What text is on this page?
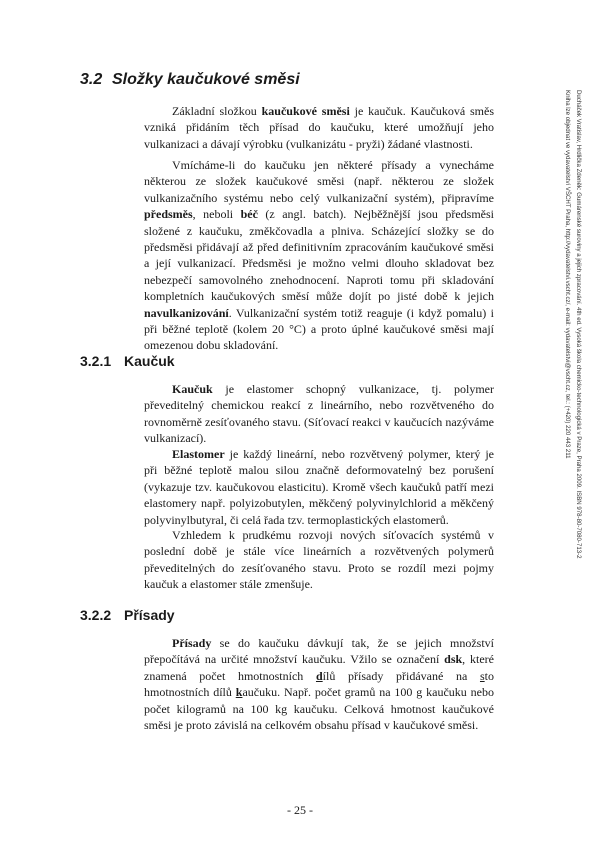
3.2 Složky kaučukové směsi

Základní složkou kaučukové směsi je kaučuk. Kaučuková směs vzniká přidáním těch přísad do kaučuku, které umožňují jeho vulkanizaci a dávají výrobku (vulkanizátu - pryži) žádané vlastnosti.

Vmícháme-li do kaučuku jen některé přísady a vynecháme některou ze složek kaučukové směsi (např. některou ze složek vulkanizačního systému nebo celý vulkanizační systém), připravíme předsměs, neboli béč (z angl. batch). Nejběžnější jsou předsměsi složené z kaučuku, změkčovadla a plniva. Scházející složky se do předsměsi přidávají až před definitivním zpracováním kaučukové směsi a její vulkanizací. Předsměsi je možno velmi dlouho skladovat bez nebezpečí samovolného znehodnocení. Naproti tomu při skladování kompletních kaučukových směsí může dojít po jisté době k jejich navulkanizování. Vulkanizační systém totiž reaguje (i když pomalu) i při běžné teplotě (kolem 20 °C) a proto úplné kaučukové směsi mají omezenou dobu skladování.

3.2.1 Kaučuk

Kaučuk je elastomer schopný vulkanizace, tj. polymer převeditelný chemickou reakcí z lineárního, nebo rozvětveného do rovnoměrně zesíťovaného stavu. (Síťovací reakci v kaučucích nazýváme vulkanizací).

Elastomer je každý lineární, nebo rozvětvený polymer, který je při běžné teplotě malou silou značně deformovatelný bez porušení (vykazuje tzv. kaučukovou elasticitu). Kromě všech kaučuků patří mezi elastomery např. polyizobutylen, měkčený polyvinylchlorid a měkčený polyvinylbutyral, či celá řada tzv. termoplastických elastomerů.

Vzhledem k prudkému rozvoji nových síťovacích systémů v poslední době je stále více lineárních a rozvětvených polymerů převeditelných do zesíťovaného stavu. Proto se rozdíl mezi pojmy kaučuk a elastomer stále zmenšuje.

3.2.2 Přísady

Přísady se do kaučuku dávkují tak, že se jejich množství přepočítává na určité množství kaučuku. Vžilo se označení dsk, které znamená počet hmotnostních dílů přísady přidávané na sto hmotnostních dílů kaučuku. Např. počet gramů na 100 g kaučuku nebo počet kilogramů na 100 kg kaučuku. Celková hmotnost kaučukové směsi je proto závislá na celkovém obsahu přísad v kaučukové směsi.

Ducháček Vratislav, Hrdlička Zdeněk: Gumárenské suroviny a jejich zpracování. 4th ed. Vysoká škola chemicko-technologická v Praze, Praha 2009. ISBN 978-80-7080-713-2
Kniha lze objednat ve vydavatelství VŠCHT Praha, http://vydavatelstvi.vscht.cz/, e-mail: vydavatelstvi@vscht.cz, tel.: (+420) 220 443 211
- 25 -
